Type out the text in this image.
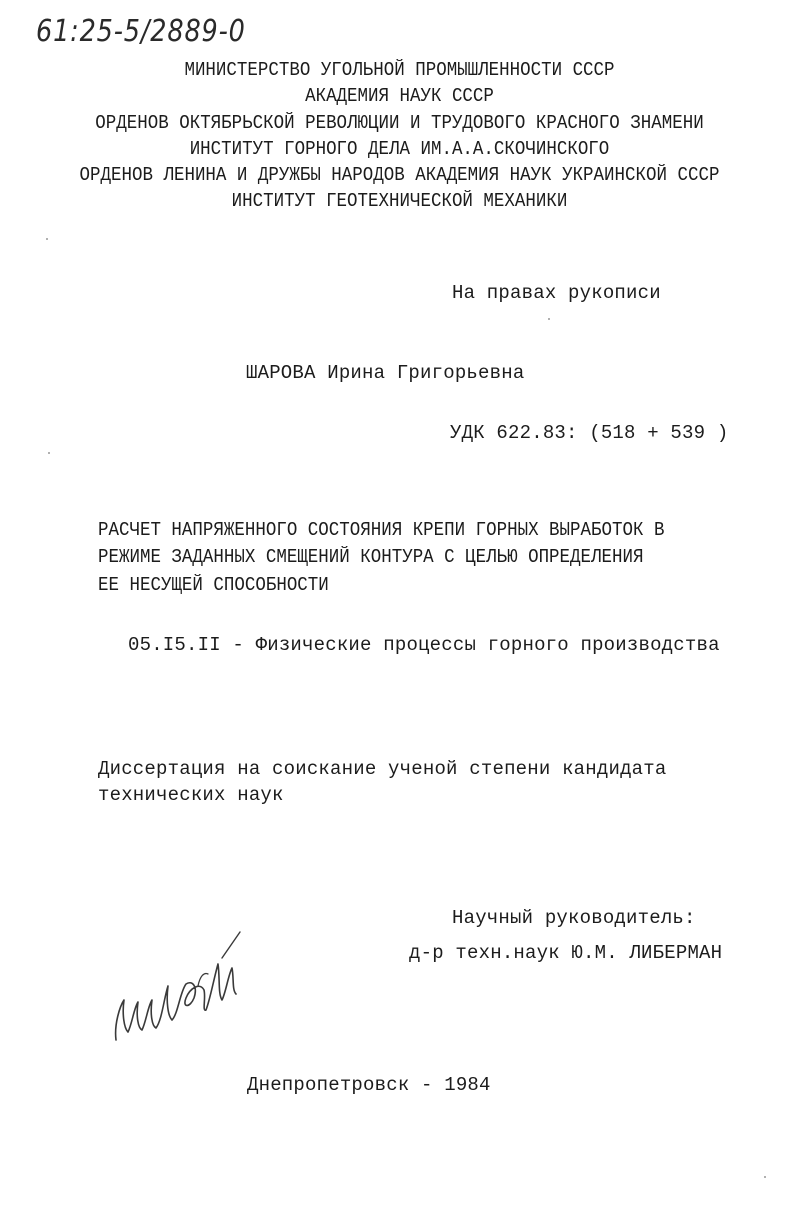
61:25-5/2889-0
МИНИСТЕРСТВО УГОЛЬНОЙ ПРОМЫШЛЕННОСТИ СССР
АКАДЕМИЯ НАУК СССР
ОРДЕНОВ ОКТЯБРЬСКОЙ РЕВОЛЮЦИИ И ТРУДОВОГО КРАСНОГО ЗНАМЕНИ
ИНСТИТУТ ГОРНОГО ДЕЛА ИМ.А.А.СКОЧИНСКОГО
ОРДЕНОВ ЛЕНИНА И ДРУЖБЫ НАРОДОВ АКАДЕМИЯ НАУК УКРАИНСКОЙ СССР
ИНСТИТУТ ГЕОТЕХНИЧЕСКОЙ МЕХАНИКИ
На правах рукописи
ШАРОВА Ирина Григорьевна
УДК 622.83: (518 + 539 )
РАСЧЕТ НАПРЯЖЕННОГО СОСТОЯНИЯ КРЕПИ ГОРНЫХ ВЫРАБОТОК В
РЕЖИМЕ ЗАДАННЫХ СМЕЩЕНИЙ КОНТУРА С ЦЕЛЬЮ ОПРЕДЕЛЕНИЯ
ЕЕ НЕСУЩЕЙ СПОСОБНОСТИ
05.I5.II - Физические процессы горного производства
Диссертация на соискание ученой степени кандидата
технических наук
Научный руководитель:
д-р техн.наук Ю.М. ЛИБЕРМАН
Днепропетровск - 1984
